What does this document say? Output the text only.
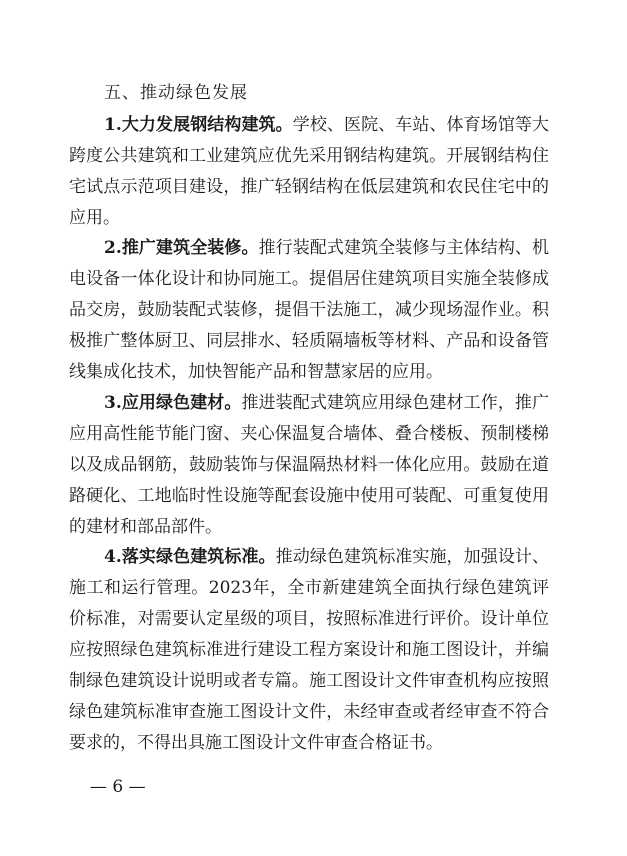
五、推动绿色发展

1.大力发展钢结构建筑。学校、医院、车站、体育场馆等大跨度公共建筑和工业建筑应优先采用钢结构建筑。开展钢结构住宅试点示范项目建设，推广轻钢结构在低层建筑和农民住宅中的应用。

2.推广建筑全装修。推行装配式建筑全装修与主体结构、机电设备一体化设计和协同施工。提倡居住建筑项目实施全装修成品交房，鼓励装配式装修，提倡干法施工，减少现场湿作业。积极推广整体厨卫、同层排水、轻质隔墙板等材料、产品和设备管线集成化技术，加快智能产品和智慧家居的应用。

3.应用绿色建材。推进装配式建筑应用绿色建材工作，推广应用高性能节能门窗、夹心保温复合墙体、叠合楼板、预制楼梯以及成品钢筋，鼓励装饰与保温隔热材料一体化应用。鼓励在道路硬化、工地临时性设施等配套设施中使用可装配、可重复使用的建材和部品部件。

4.落实绿色建筑标准。推动绿色建筑标准实施，加强设计、施工和运行管理。2023年，全市新建建筑全面执行绿色建筑评价标准，对需要认定星级的项目，按照标准进行评价。设计单位应按照绿色建筑标准进行建设工程方案设计和施工图设计，并编制绿色建筑设计说明或者专篇。施工图设计文件审查机构应按照绿色建筑标准审查施工图设计文件，未经审查或者经审查不符合要求的，不得出具施工图设计文件审查合格证书。

— 6 —
